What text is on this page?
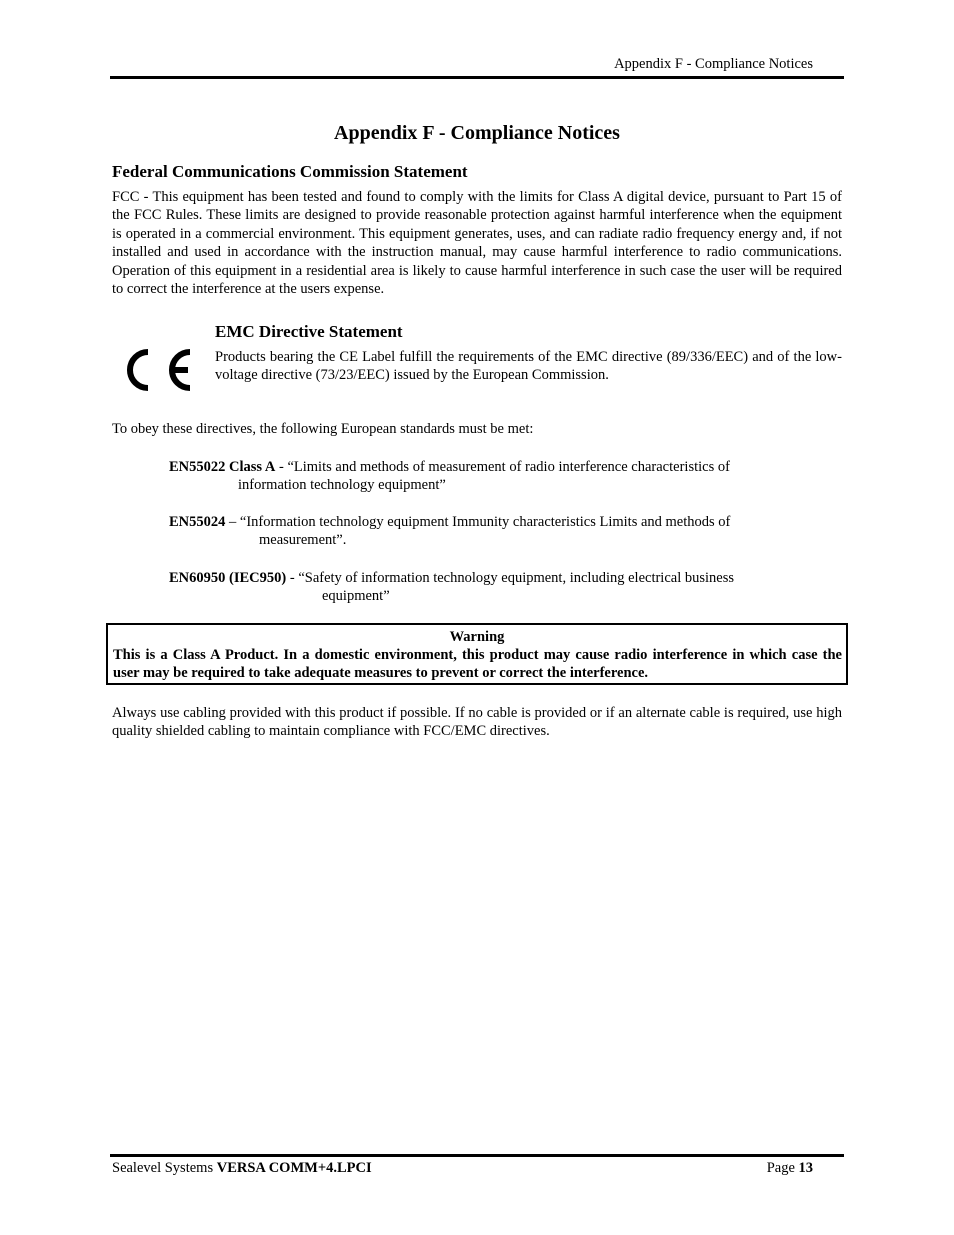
Appendix F - Compliance Notices
Appendix F - Compliance Notices
Federal Communications Commission Statement
FCC - This equipment has been tested and found to comply with the limits for Class A digital device, pursuant to Part 15 of the FCC Rules. These limits are designed to provide reasonable protection against harmful interference when the equipment is operated in a commercial environment. This equipment generates, uses, and can radiate radio frequency energy and, if not installed and used in accordance with the instruction manual, may cause harmful interference to radio communications. Operation of this equipment in a residential area is likely to cause harmful interference in such case the user will be required to correct the interference at the users expense.
EMC Directive Statement
Products bearing the CE Label fulfill the requirements of the EMC directive (89/336/EEC) and of the low-voltage directive (73/23/EEC) issued by the European Commission.
To obey these directives, the following European standards must be met:
EN55022 Class A - “Limits and methods of measurement of radio interference characteristics of
information technology equipment”
EN55024 – “Information technology equipment Immunity characteristics Limits and methods of
measurement”.
EN60950 (IEC950) - “Safety of information technology equipment, including electrical business
equipment”
Warning
This is a Class A Product. In a domestic environment, this product may cause radio interference in which case the user may be required to take adequate measures to prevent or correct the interference.
Always use cabling provided with this product if possible. If no cable is provided or if an alternate cable is required, use high quality shielded cabling to maintain compliance with FCC/EMC directives.
Sealevel Systems VERSA COMM+4.LPCI	Page 13
